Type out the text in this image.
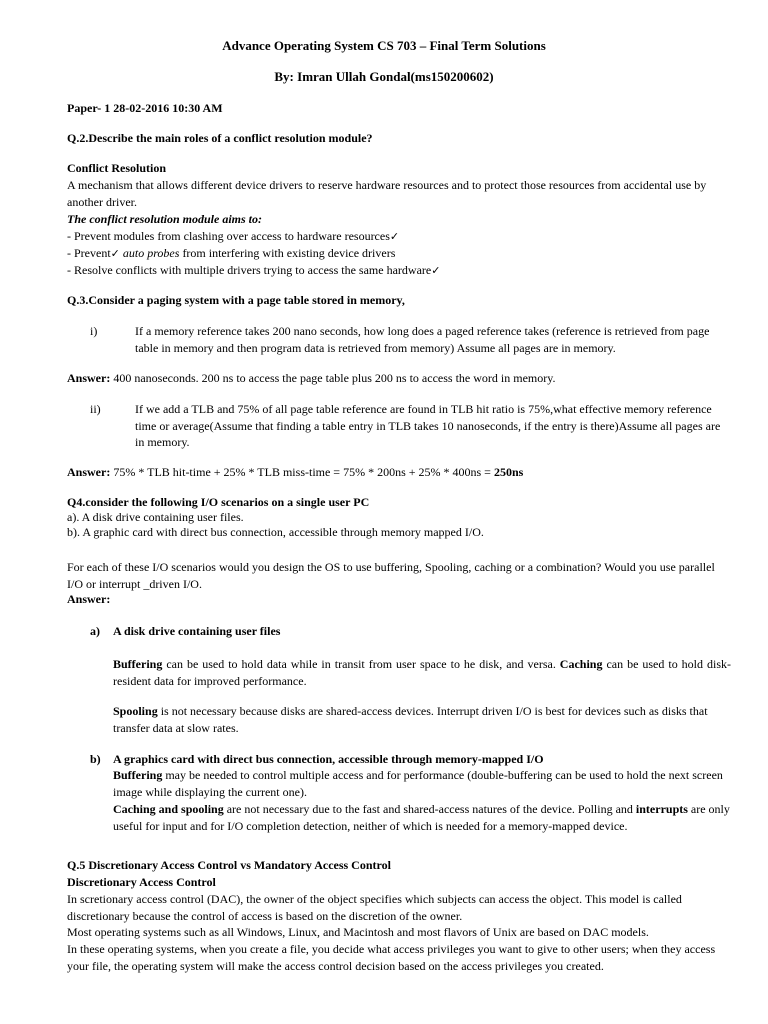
Advance Operating System CS 703 – Final Term Solutions

By: Imran Ullah Gondal(ms150200602)

Paper- 1 28-02-2016 10:30 AM

Q.2.Describe the main roles of a conflict resolution module?

Conflict Resolution

A mechanism that allows different device drivers to reserve hardware resources and to protect those resources from accidental use by another driver.

The conflict resolution module aims to:

- Prevent modules from clashing over access to hardware resources ✓

- Prevent ✓ auto probes from interfering with existing device drivers

- Resolve conflicts with multiple drivers trying to access the same hardware ✓

Q.3.Consider a paging system with a page table stored in memory,

i)	If a memory reference takes 200 nano seconds, how long does a paged reference takes (reference is retrieved from page table in memory and then program data is retrieved from memory) Assume all pages are in memory.

Answer: 400 nanoseconds. 200 ns to access the page table plus 200 ns to access the word in memory.

ii)	If we add a TLB and 75% of all page table reference are found in TLB hit ratio is 75%,what effective memory reference time or average(Assume that finding a table entry in TLB takes 10 nanoseconds, if the entry is there)Assume all pages are in memory.

Answer: 75% * TLB hit-time + 25% * TLB miss-time = 75% * 200ns + 25% * 400ns = 250ns

Q4.consider the following I/O scenarios on a single user PC

a). A disk drive containing user files.

b). A graphic card with direct bus connection, accessible through memory mapped I/O.

For each of these I/O scenarios would you design the OS to use buffering, Spooling, caching or a combination? Would you use parallel I/O or interrupt _driven I/O.

Answer:

a) A disk drive containing user files

Buffering can be used to hold data while in transit from user space to he disk, and versa. Caching can be used to hold disk-resident data for improved performance.

Spooling is not necessary because disks are shared-access devices. Interrupt driven I/O is best for devices such as disks that transfer data at slow rates.

b) A graphics card with direct bus connection, accessible through memory-mapped I/O

Buffering may be needed to control multiple access and for performance (double-buffering can be used to hold the next screen image while displaying the current one).

Caching and spooling are not necessary due to the fast and shared-access natures of the device. Polling and interrupts are only useful for input and for I/O completion detection, neither of which is needed for a memory-mapped device.

Q.5 Discretionary Access Control vs Mandatory Access Control

Discretionary Access Control

In scretionary access control (DAC), the owner of the object specifies which subjects can access the object. This model is called discretionary because the control of access is based on the discretion of the owner.

Most operating systems such as all Windows, Linux, and Macintosh and most flavors of Unix are based on DAC models.

In these operating systems, when you create a file, you decide what access privileges you want to give to other users; when they access your file, the operating system will make the access control decision based on the access privileges you created.
